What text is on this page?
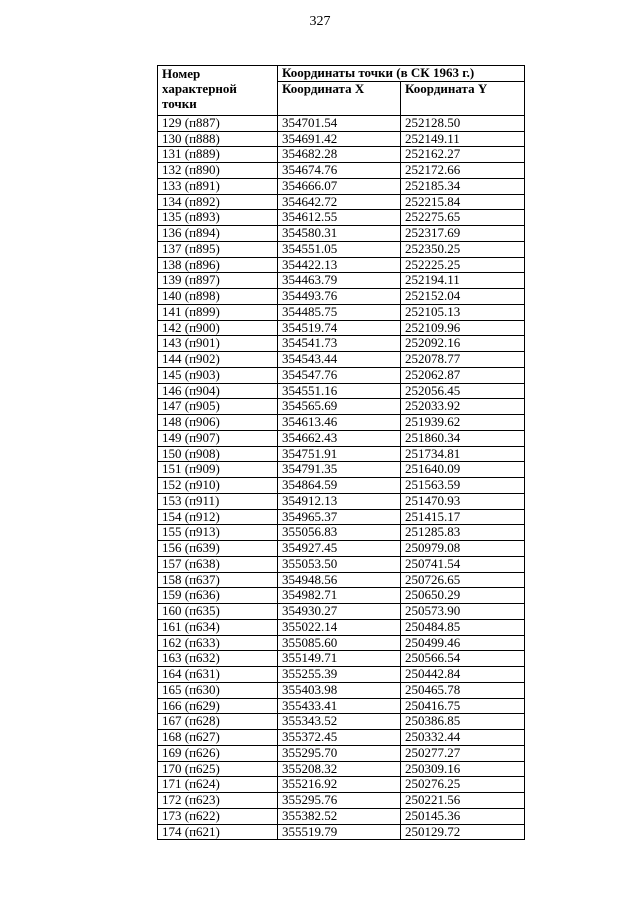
327
Номер характерной точки	Координаты точки (в СК 1963 г.)	
	Координата X	Координата Y
129 (п887)	354701.54	252128.50
130 (п888)	354691.42	252149.11
131 (п889)	354682.28	252162.27
132 (п890)	354674.76	252172.66
133 (п891)	354666.07	252185.34
134 (п892)	354642.72	252215.84
135 (п893)	354612.55	252275.65
136 (п894)	354580.31	252317.69
137 (п895)	354551.05	252350.25
138 (п896)	354422.13	252225.25
139 (п897)	354463.79	252194.11
140 (п898)	354493.76	252152.04
141 (п899)	354485.75	252105.13
142 (п900)	354519.74	252109.96
143 (п901)	354541.73	252092.16
144 (п902)	354543.44	252078.77
145 (п903)	354547.76	252062.87
146 (п904)	354551.16	252056.45
147 (п905)	354565.69	252033.92
148 (п906)	354613.46	251939.62
149 (п907)	354662.43	251860.34
150 (п908)	354751.91	251734.81
151 (п909)	354791.35	251640.09
152 (п910)	354864.59	251563.59
153 (п911)	354912.13	251470.93
154 (п912)	354965.37	251415.17
155 (п913)	355056.83	251285.83
156 (п639)	354927.45	250979.08
157 (п638)	355053.50	250741.54
158 (п637)	354948.56	250726.65
159 (п636)	354982.71	250650.29
160 (п635)	354930.27	250573.90
161 (п634)	355022.14	250484.85
162 (п633)	355085.60	250499.46
163 (п632)	355149.71	250566.54
164 (п631)	355255.39	250442.84
165 (п630)	355403.98	250465.78
166 (п629)	355433.41	250416.75
167 (п628)	355343.52	250386.85
168 (п627)	355372.45	250332.44
169 (п626)	355295.70	250277.27
170 (п625)	355208.32	250309.16
171 (п624)	355216.92	250276.25
172 (п623)	355295.76	250221.56
173 (п622)	355382.52	250145.36
174 (п621)	355519.79	250129.72
